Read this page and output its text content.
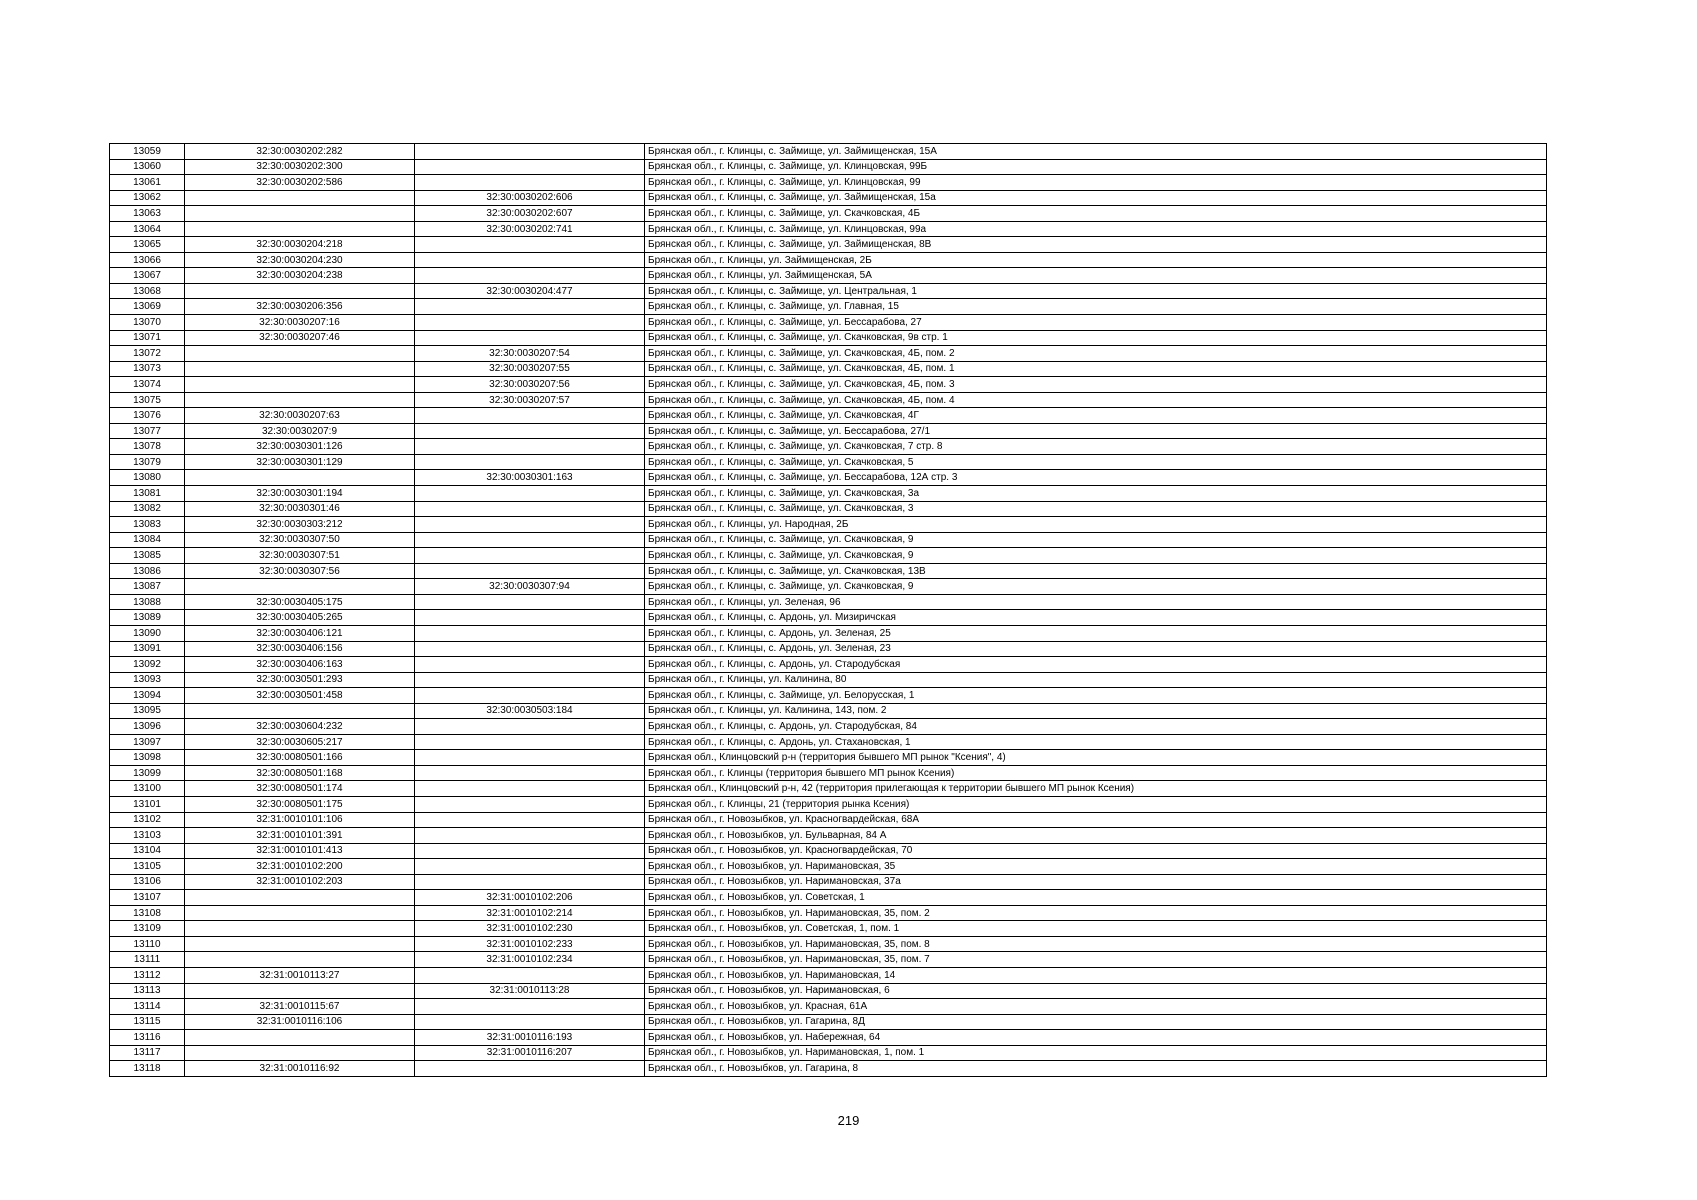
13059	32:30:0030202:282		Брянская обл., г. Клинцы, с. Займище, ул. Займищенская, 15А
13060	32:30:0030202:300		Брянская обл., г. Клинцы, с. Займище, ул. Клинцовская, 99Б
13061	32:30:0030202:586		Брянская обл., г. Клинцы, с. Займище, ул. Клинцовская, 99
13062		32:30:0030202:606	Брянская обл., г. Клинцы, с. Займище, ул. Займищенская, 15а
13063		32:30:0030202:607	Брянская обл., г. Клинцы, с. Займище, ул. Скачковская, 4Б
13064		32:30:0030202:741	Брянская обл., г. Клинцы, с. Займище, ул. Клинцовская, 99а
13065	32:30:0030204:218		Брянская обл., г. Клинцы, с. Займище, ул. Займищенская, 8В
13066	32:30:0030204:230		Брянская обл., г. Клинцы, ул. Займищенская, 2Б
13067	32:30:0030204:238		Брянская обл., г. Клинцы, ул. Займищенская, 5А
13068		32:30:0030204:477	Брянская обл., г. Клинцы, с. Займище, ул. Центральная, 1
13069	32:30:0030206:356		Брянская обл., г. Клинцы, с. Займище, ул. Главная, 15
13070	32:30:0030207:16		Брянская обл., г. Клинцы, с. Займище, ул. Бессарабова, 27
13071	32:30:0030207:46		Брянская обл., г. Клинцы, с. Займище, ул. Скачковская, 9в стр. 1
13072		32:30:0030207:54	Брянская обл., г. Клинцы, с. Займище, ул. Скачковская, 4Б, пом. 2
13073		32:30:0030207:55	Брянская обл., г. Клинцы, с. Займище, ул. Скачковская, 4Б, пом. 1
13074		32:30:0030207:56	Брянская обл., г. Клинцы, с. Займище, ул. Скачковская, 4Б, пом. 3
13075		32:30:0030207:57	Брянская обл., г. Клинцы, с. Займище, ул. Скачковская, 4Б, пом. 4
13076	32:30:0030207:63		Брянская обл., г. Клинцы, с. Займище, ул. Скачковская, 4Г
13077	32:30:0030207:9		Брянская обл., г. Клинцы, с. Займище, ул. Бессарабова, 27/1
13078	32:30:0030301:126		Брянская обл., г. Клинцы, с. Займище, ул. Скачковская, 7 стр. 8
13079	32:30:0030301:129		Брянская обл., г. Клинцы, с. Займище, ул. Скачковская, 5
13080		32:30:0030301:163	Брянская обл., г. Клинцы, с. Займище, ул. Бессарабова, 12А стр. 3
13081	32:30:0030301:194		Брянская обл., г. Клинцы, с. Займище, ул. Скачковская, 3а
13082	32:30:0030301:46		Брянская обл., г. Клинцы, с. Займище, ул. Скачковская, 3
13083	32:30:0030303:212		Брянская обл., г. Клинцы, ул. Народная, 2Б
13084	32:30:0030307:50		Брянская обл., г. Клинцы, с. Займище, ул. Скачковская, 9
13085	32:30:0030307:51		Брянская обл., г. Клинцы, с. Займище, ул. Скачковская, 9
13086	32:30:0030307:56		Брянская обл., г. Клинцы, с. Займище, ул. Скачковская, 13В
13087		32:30:0030307:94	Брянская обл., г. Клинцы, с. Займище, ул. Скачковская, 9
13088	32:30:0030405:175		Брянская обл., г. Клинцы, ул. Зеленая, 96
13089	32:30:0030405:265		Брянская обл., г. Клинцы, с. Ардонь, ул. Мизиричская
13090	32:30:0030406:121		Брянская обл., г. Клинцы, с. Ардонь, ул. Зеленая, 25
13091	32:30:0030406:156		Брянская обл., г. Клинцы, с. Ардонь, ул. Зеленая, 23
13092	32:30:0030406:163		Брянская обл., г. Клинцы, с. Ардонь, ул. Стародубская
13093	32:30:0030501:293		Брянская обл., г. Клинцы, ул. Калинина, 80
13094	32:30:0030501:458		Брянская обл., г. Клинцы, с. Займище, ул. Белорусская, 1
13095		32:30:0030503:184	Брянская обл., г. Клинцы, ул. Калинина, 143, пом. 2
13096	32:30:0030604:232		Брянская обл., г. Клинцы, с. Ардонь, ул. Стародубская, 84
13097	32:30:0030605:217		Брянская обл., г. Клинцы, с. Ардонь, ул. Стахановская, 1
13098	32:30:0080501:166		Брянская обл., Клинцовский р-н (территория бывшего МП рынок "Ксения", 4)
13099	32:30:0080501:168		Брянская обл., г. Клинцы (территория бывшего МП рынок Ксения)
13100	32:30:0080501:174		Брянская обл., Клинцовский р-н, 42 (территория прилегающая к территории бывшего МП рынок Ксения)
13101	32:30:0080501:175		Брянская обл., г. Клинцы, 21 (территория рынка Ксения)
13102	32:31:0010101:106		Брянская обл., г. Новозыбков, ул. Красногвардейская, 68А
13103	32:31:0010101:391		Брянская обл., г. Новозыбков, ул. Бульварная, 84 А
13104	32:31:0010101:413		Брянская обл., г. Новозыбков, ул. Красногвардейская, 70
13105	32:31:0010102:200		Брянская обл., г. Новозыбков, ул. Наримановская, 35
13106	32:31:0010102:203		Брянская обл., г. Новозыбков, ул. Наримановская, 37а
13107		32:31:0010102:206	Брянская обл., г. Новозыбков, ул. Советская, 1
13108		32:31:0010102:214	Брянская обл., г. Новозыбков, ул. Наримановская, 35, пом. 2
13109		32:31:0010102:230	Брянская обл., г. Новозыбков, ул. Советская, 1, пом. 1
13110		32:31:0010102:233	Брянская обл., г. Новозыбков, ул. Наримановская, 35, пом. 8
13111		32:31:0010102:234	Брянская обл., г. Новозыбков, ул. Наримановская, 35, пом. 7
13112	32:31:0010113:27		Брянская обл., г. Новозыбков, ул. Наримановская, 14
13113		32:31:0010113:28	Брянская обл., г. Новозыбков, ул. Наримановская, 6
13114	32:31:0010115:67		Брянская обл., г. Новозыбков, ул. Красная, 61А
13115	32:31:0010116:106		Брянская обл., г. Новозыбков, ул. Гагарина, 8Д
13116		32:31:0010116:193	Брянская обл., г. Новозыбков, ул. Набережная, 64
13117		32:31:0010116:207	Брянская обл., г. Новозыбков, ул. Наримановская, 1, пом. 1
13118	32:31:0010116:92		Брянская обл., г. Новозыбков, ул. Гагарина, 8
219
